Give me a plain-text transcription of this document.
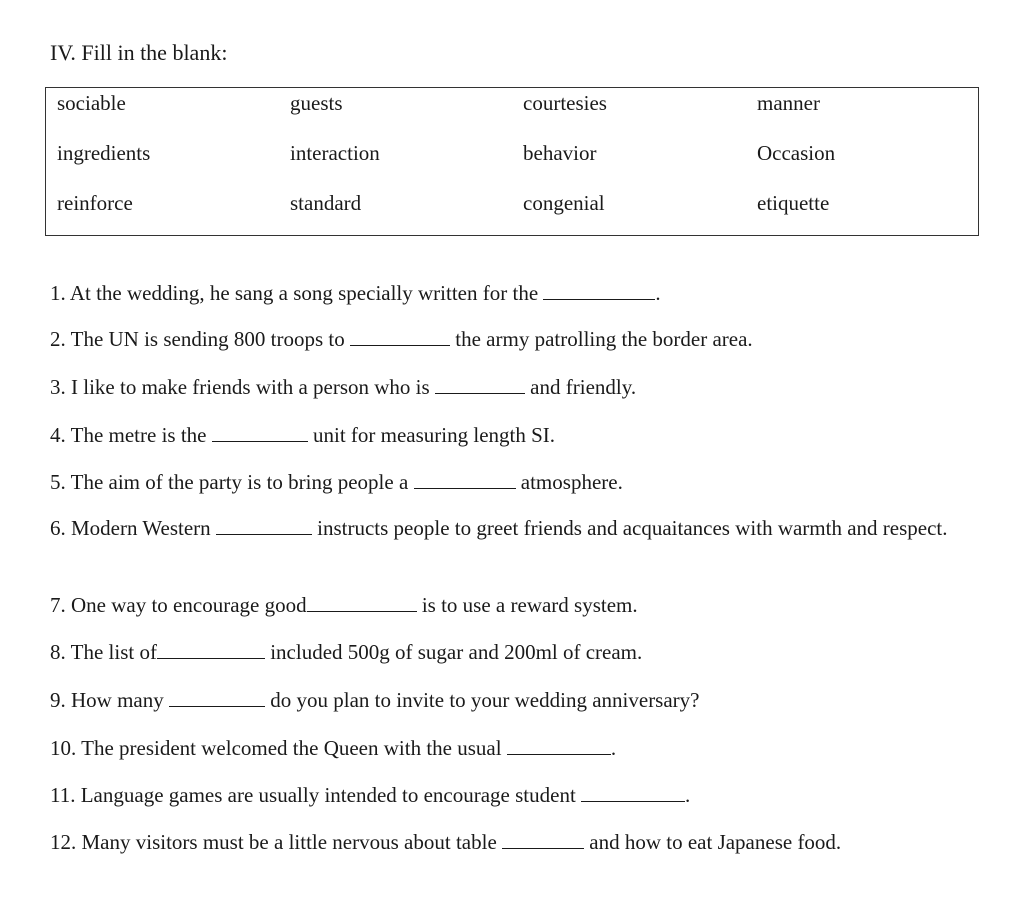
IV. Fill in the blank:
sociable	guests	courtesies	manner
ingredients	interaction	behavior	Occasion
reinforce	standard	congenial	etiquette
1. At the wedding, he sang a song specially written for the	.
2. The UN is sending 800 troops to	the army patrolling the border area.
3. I like to make friends with a person who is	and friendly.
4. The metre is the	unit for measuring length SI.
5. The aim of the party is to bring people a	atmosphere.
6. Modern Western	instructs people to greet friends and acquaitances with warmth and respect.
7. One way to encourage good	is to use a reward system.
8. The list of	included 500g of sugar and 200ml of cream.
9. How many	do you plan to invite to your wedding anniversary?
10. The president welcomed the Queen with the usual	.
11. Language games are usually intended to encourage student	.
12. Many visitors must be a little nervous about table	and how to eat Japanese food.
